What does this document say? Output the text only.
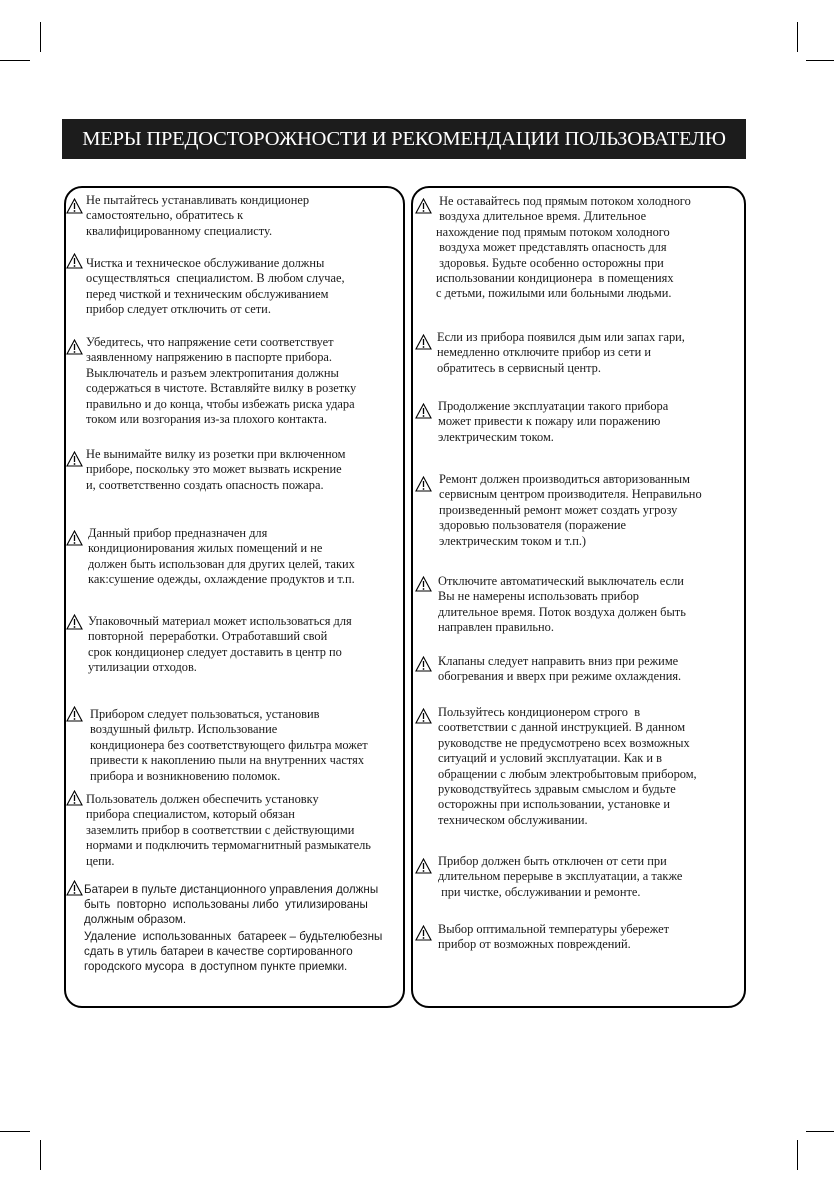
МЕРЫ ПРЕДОСТОРОЖНОСТИ И РЕКОМЕНДАЦИИ ПОЛЬЗОВАТЕЛЮ
Не пытайтесь устанавливать кондиционер
самостоятельно, обратитесь к
квалифицированному специалисту.
Чистка и техническое обслуживание должны
осуществляться  специалистом. В любом случае,
перед чисткой и техническим обслуживанием
прибор следует отключить от сети.
Убедитесь, что напряжение сети соответствует
заявленному напряжению в паспорте прибора.
Выключатель и разъем электропитания должны
содержаться в чистоте. Вставляйте вилку в розетку
правильно и до конца, чтобы избежать риска удара
током или возгорания из-за плохого контакта.
Не вынимайте вилку из розетки при включенном
приборе, поскольку это может вызвать искрение
и, соответственно создать опасность пожара.
Данный прибор предназначен для
кондиционирования жилых помещений и не
должен быть использован для других целей, таких
как:сушение одежды, охлаждение продуктов и т.п.
Упаковочный материал может использоваться для
повторной  переработки. Отработавший свой
срок кондиционер следует доставить в центр по
утилизации отходов.
Прибором следует пользоваться, установив
воздушный фильтр. Использование
кондиционера без соответствующего фильтра может
привести к накоплению пыли на внутренних частях
прибора и возникновению поломок.
Пользователь должен обеспечить установку
прибора специалистом, который обязан
заземлить прибор в соответствии с действующими
нормами и подключить термомагнитный размыкатель
цепи.
Батареи в пульте дистанционного управления должны
быть  повторно  использованы либо  утилизированы
должным образом.
Удаление  использованных  батареек – будьтелюбезны
сдать в утиль батареи в качестве сортированного
городского мусора  в доступном пункте приемки.
Не оставайтесь под прямым потоком холодного
воздуха длительное время. Длительное
нахождение под прямым потоком холодного
воздуха может представлять опасность для
здоровья. Будьте особенно осторожны при
использовании кондиционера  в помещениях
с детьми, пожилыми или больными людьми.
Если из прибора появился дым или запах гари,
немедленно отключите прибор из сети и
обратитесь в сервисный центр.
Продолжение эксплуатации такого прибора
может привести к пожару или поражению
электрическим током.
Ремонт должен производиться авторизованным
сервисным центром производителя. Неправильно
произведенный ремонт может создать угрозу
здоровью пользователя (поражение
электрическим током и т.п.)
Отключите автоматический выключатель если
Вы не намерены использовать прибор
длительное время. Поток воздуха должен быть
направлен правильно.
Клапаны следует направить вниз при режиме
обогревания и вверх при режиме охлаждения.
Пользуйтесь кондиционером строго  в
соответствии с данной инструкцией. В данном
руководстве не предусмотрено всех возможных
ситуаций и условий эксплуатации. Как и в
обращении с любым электробытовым прибором,
руководствуйтесь здравым смыслом и будьте
осторожны при использовании, установке и
техническом обслуживании.
Прибор должен быть отключен от сети при
длительном перерыве в эксплуатации, а также
при чистке, обслуживании и ремонте.
Выбор оптимальной температуры убережет
прибор от возможных повреждений.
